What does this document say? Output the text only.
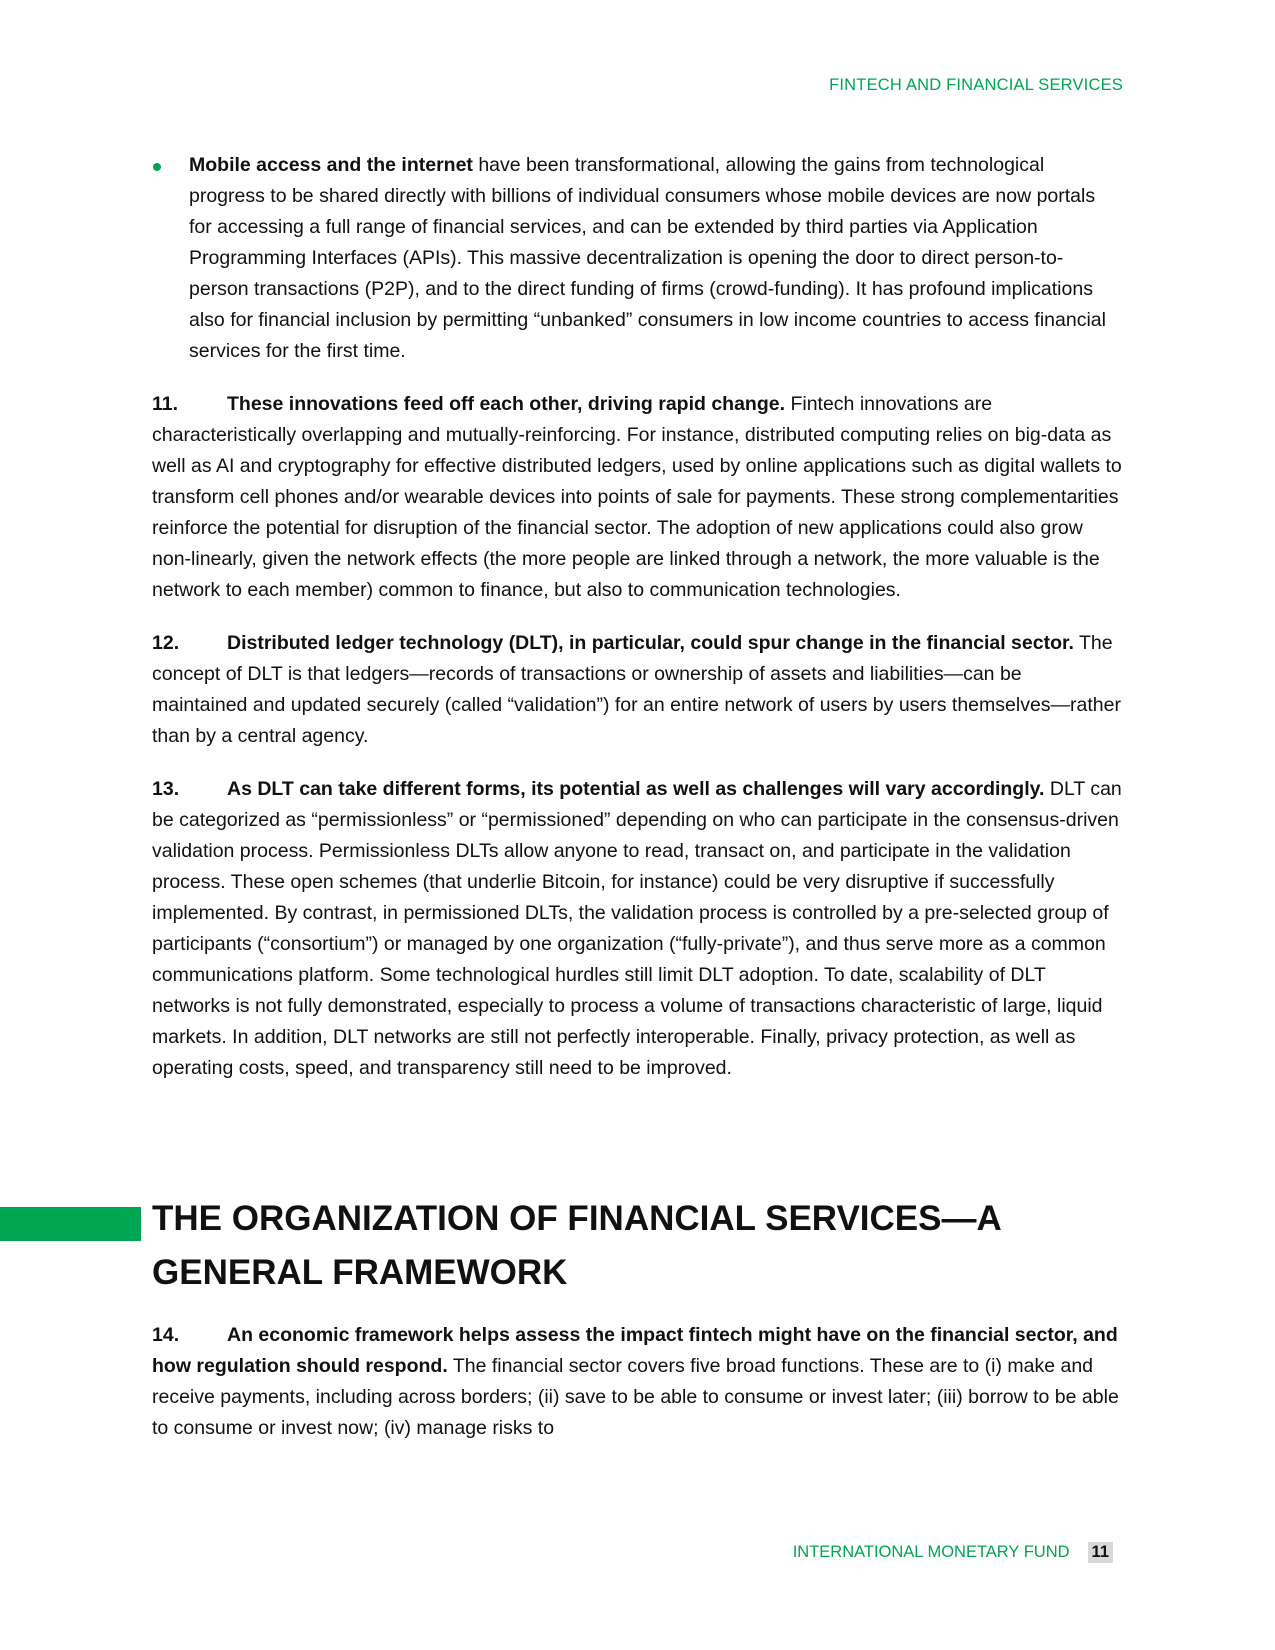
FINTECH AND FINANCIAL SERVICES
Mobile access and the internet have been transformational, allowing the gains from technological progress to be shared directly with billions of individual consumers whose mobile devices are now portals for accessing a full range of financial services, and can be extended by third parties via Application Programming Interfaces (APIs). This massive decentralization is opening the door to direct person-to-person transactions (P2P), and to the direct funding of firms (crowd-funding). It has profound implications also for financial inclusion by permitting “unbanked” consumers in low income countries to access financial services for the first time.

11.	These innovations feed off each other, driving rapid change. Fintech innovations are characteristically overlapping and mutually-reinforcing. For instance, distributed computing relies on big-data as well as AI and cryptography for effective distributed ledgers, used by online applications such as digital wallets to transform cell phones and/or wearable devices into points of sale for payments. These strong complementarities reinforce the potential for disruption of the financial sector. The adoption of new applications could also grow non-linearly, given the network effects (the more people are linked through a network, the more valuable is the network to each member) common to finance, but also to communication technologies.

12. Distributed ledger technology (DLT), in particular, could spur change in the financial sector. The concept of DLT is that ledgers—records of transactions or ownership of assets and liabilities—can be maintained and updated securely (called “validation”) for an entire network of users by users themselves—rather than by a central agency.

13. As DLT can take different forms, its potential as well as challenges will vary accordingly. DLT can be categorized as “permissionless” or “permissioned” depending on who can participate in the consensus-driven validation process. Permissionless DLTs allow anyone to read, transact on, and participate in the validation process. These open schemes (that underlie Bitcoin, for instance) could be very disruptive if successfully implemented. By contrast, in permissioned DLTs, the validation process is controlled by a pre-selected group of participants (“consortium”) or managed by one organization (“fully-private”), and thus serve more as a common communications platform. Some technological hurdles still limit DLT adoption. To date, scalability of DLT networks is not fully demonstrated, especially to process a volume of transactions characteristic of large, liquid markets. In addition, DLT networks are still not perfectly interoperable. Finally, privacy protection, as well as operating costs, speed, and transparency still need to be improved.

THE ORGANIZATION OF FINANCIAL SERVICES—A GENERAL FRAMEWORK

14. An economic framework helps assess the impact fintech might have on the financial sector, and how regulation should respond. The financial sector covers five broad functions. These are to (i) make and receive payments, including across borders; (ii) save to be able to consume or invest later; (iii) borrow to be able to consume or invest now; (iv) manage risks to

INTERNATIONAL MONETARY FUND 11
